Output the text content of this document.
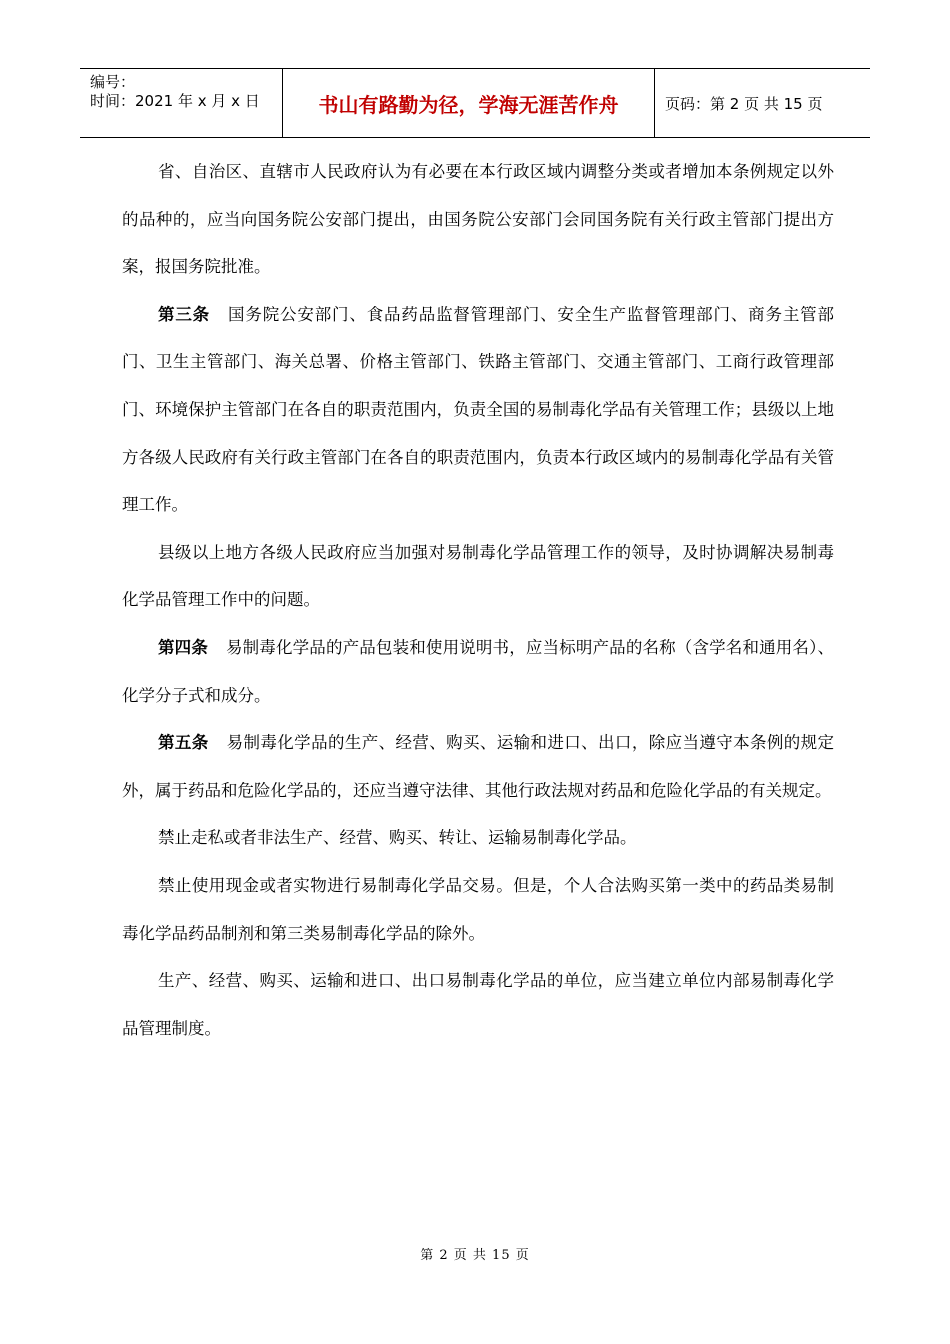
编号：
时间：2021 年 x 月 x 日	书山有路勤为径，学海无涯苦作舟	页码：第 2 页 共 15 页

省、自治区、直辖市人民政府认为有必要在本行政区域内调整分类或者增加本条例规定以外的品种的，应当向国务院公安部门提出，由国务院公安部门会同国务院有关行政主管部门提出方案，报国务院批准。

第三条 国务院公安部门、食品药品监督管理部门、安全生产监督管理部门、商务主管部门、卫生主管部门、海关总署、价格主管部门、铁路主管部门、交通主管部门、工商行政管理部门、环境保护主管部门在各自的职责范围内，负责全国的易制毒化学品有关管理工作；县级以上地方各级人民政府有关行政主管部门在各自的职责范围内，负责本行政区域内的易制毒化学品有关管理工作。

县级以上地方各级人民政府应当加强对易制毒化学品管理工作的领导，及时协调解决易制毒化学品管理工作中的问题。

第四条 易制毒化学品的产品包装和使用说明书，应当标明产品的名称（含学名和通用名）、化学分子式和成分。

第五条 易制毒化学品的生产、经营、购买、运输和进口、出口，除应当遵守本条例的规定外，属于药品和危险化学品的，还应当遵守法律、其他行政法规对药品和危险化学品的有关规定。

禁止走私或者非法生产、经营、购买、转让、运输易制毒化学品。

禁止使用现金或者实物进行易制毒化学品交易。但是，个人合法购买第一类中的药品类易制毒化学品药品制剂和第三类易制毒化学品的除外。

生产、经营、购买、运输和进口、出口易制毒化学品的单位，应当建立单位内部易制毒化学品管理制度。

第 2 页 共 15 页
